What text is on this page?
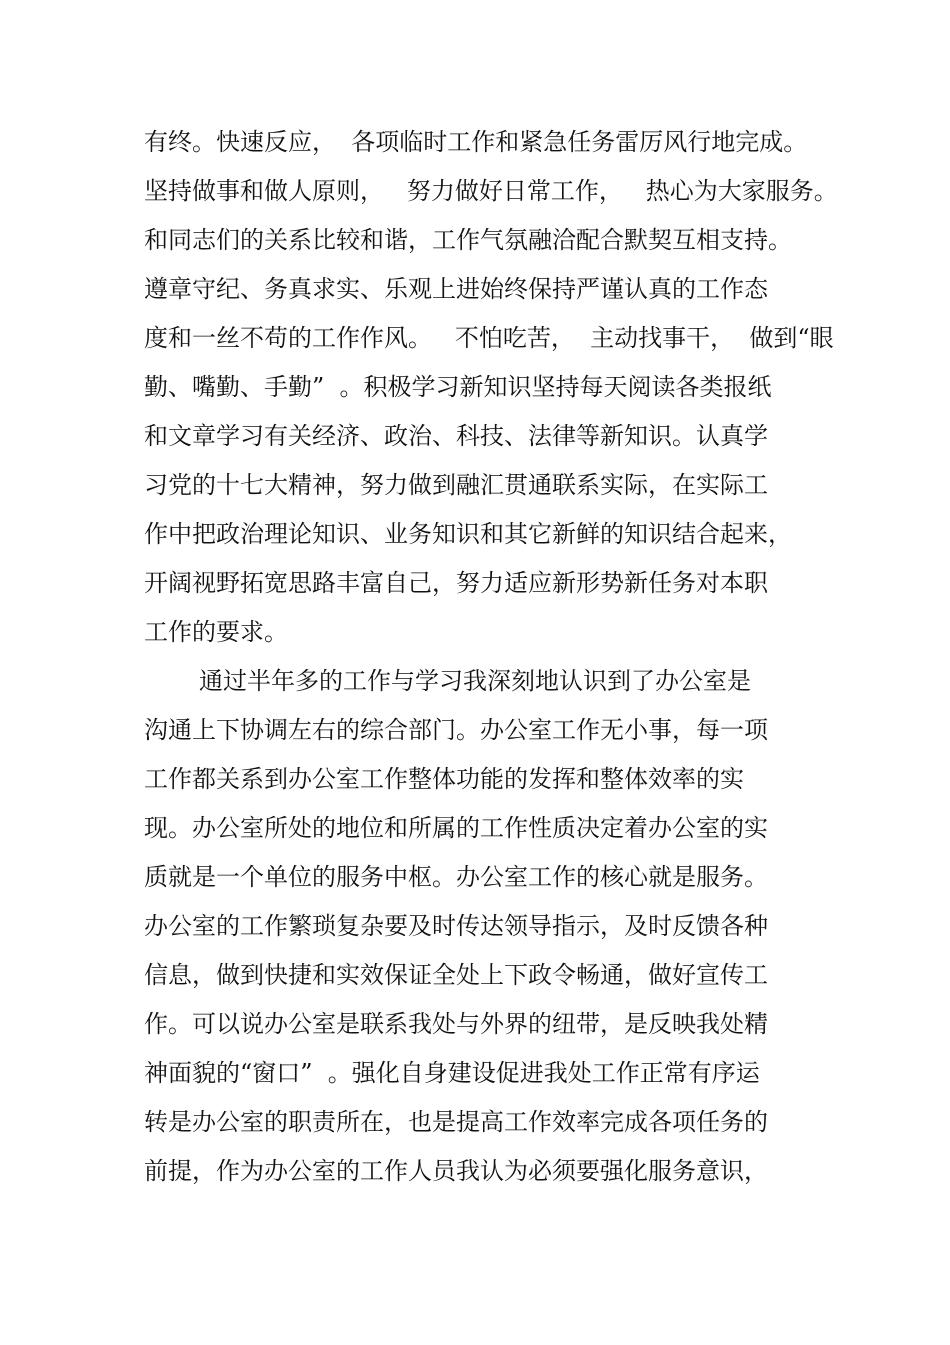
有终。快速反应，  各项临时工作和紧急任务雷厉风行地完成。
坚持做事和做人原则，   努力做好日常工作，   热心为大家服务。
和同志们的关系比较和谐，工作气氛融洽配合默契互相支持。
遵章守纪、务真求实、乐观上进始终保持严谨认真的工作态
度和一丝不苟的工作作风。   不怕吃苦，  主动找事干，  做到“眼
勤、嘴勤、手勤”  。积极学习新知识坚持每天阅读各类报纸
和文章学习有关经济、政治、科技、法律等新知识。认真学
习党的十七大精神，努力做到融汇贯通联系实际，在实际工
作中把政治理论知识、业务知识和其它新鲜的知识结合起来，
开阔视野拓宽思路丰富自己，努力适应新形势新任务对本职
工作的要求。
通过半年多的工作与学习我深刻地认识到了办公室是
沟通上下协调左右的综合部门。办公室工作无小事，每一项
工作都关系到办公室工作整体功能的发挥和整体效率的实
现。办公室所处的地位和所属的工作性质决定着办公室的实
质就是一个单位的服务中枢。办公室工作的核心就是服务。
办公室的工作繁琐复杂要及时传达领导指示，及时反馈各种
信息，做到快捷和实效保证全处上下政令畅通，做好宣传工
作。可以说办公室是联系我处与外界的纽带，是反映我处精
神面貌的“窗口”  。强化自身建设促进我处工作正常有序运
转是办公室的职责所在，也是提高工作效率完成各项任务的
前提，作为办公室的工作人员我认为必须要强化服务意识，
